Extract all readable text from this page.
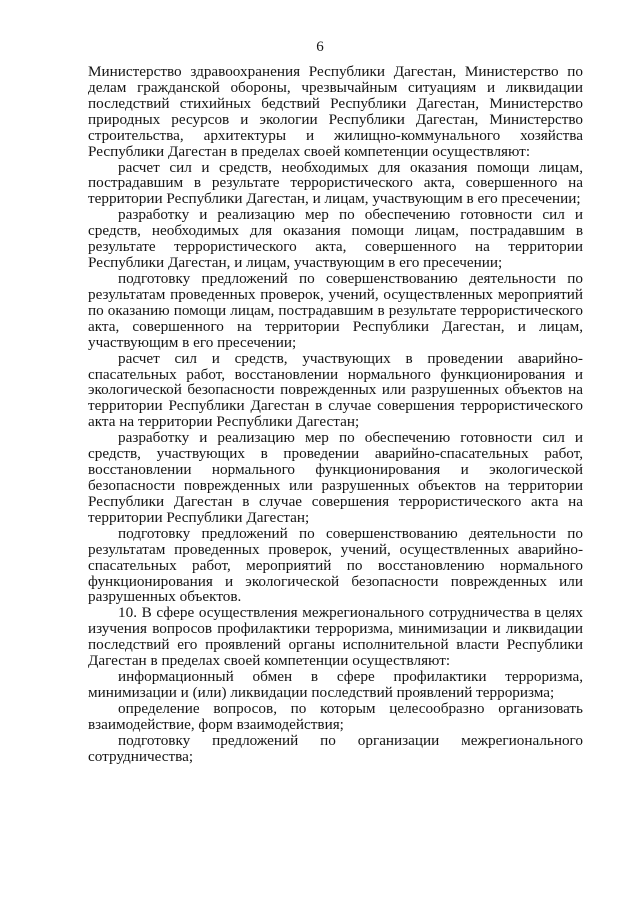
6

Министерство здравоохранения Республики Дагестан, Министерство по делам гражданской обороны, чрезвычайным ситуациям и ликвидации последствий стихийных бедствий Республики Дагестан, Министерство природных ресурсов и экологии Республики Дагестан, Министерство строительства, архитектуры и жилищно-коммунального хозяйства Республики Дагестан в пределах своей компетенции осуществляют:

расчет сил и средств, необходимых для оказания помощи лицам, пострадавшим в результате террористического акта, совершенного на территории Республики Дагестан, и лицам, участвующим в его пресечении;

разработку и реализацию мер по обеспечению готовности сил и средств, необходимых для оказания помощи лицам, пострадавшим в результате террористического акта, совершенного на территории Республики Дагестан, и лицам, участвующим в его пресечении;

подготовку предложений по совершенствованию деятельности по результатам проведенных проверок, учений, осуществленных мероприятий по оказанию помощи лицам, пострадавшим в результате террористического акта, совершенного на территории Республики Дагестан, и лицам, участвующим в его пресечении;

расчет сил и средств, участвующих в проведении аварийно-спасательных работ, восстановлении нормального функционирования и экологической безопасности поврежденных или разрушенных объектов на территории Республики Дагестан в случае совершения террористического акта на территории Республики Дагестан;

разработку и реализацию мер по обеспечению готовности сил и средств, участвующих в проведении аварийно-спасательных работ, восстановлении нормального функционирования и экологической безопасности поврежденных или разрушенных объектов на территории Республики Дагестан в случае совершения террористического акта на территории Республики Дагестан;

подготовку предложений по совершенствованию деятельности по результатам проведенных проверок, учений, осуществленных аварийно-спасательных работ, мероприятий по восстановлению нормального функционирования и экологической безопасности поврежденных или разрушенных объектов.

10. В сфере осуществления межрегионального сотрудничества в целях изучения вопросов профилактики терроризма, минимизации и ликвидации последствий его проявлений органы исполнительной власти Республики Дагестан в пределах своей компетенции осуществляют:

информационный обмен в сфере профилактики терроризма, минимизации и (или) ликвидации последствий проявлений терроризма;

определение вопросов, по которым целесообразно организовать взаимодействие, форм взаимодействия;

подготовку предложений по организации межрегионального сотрудничества;
